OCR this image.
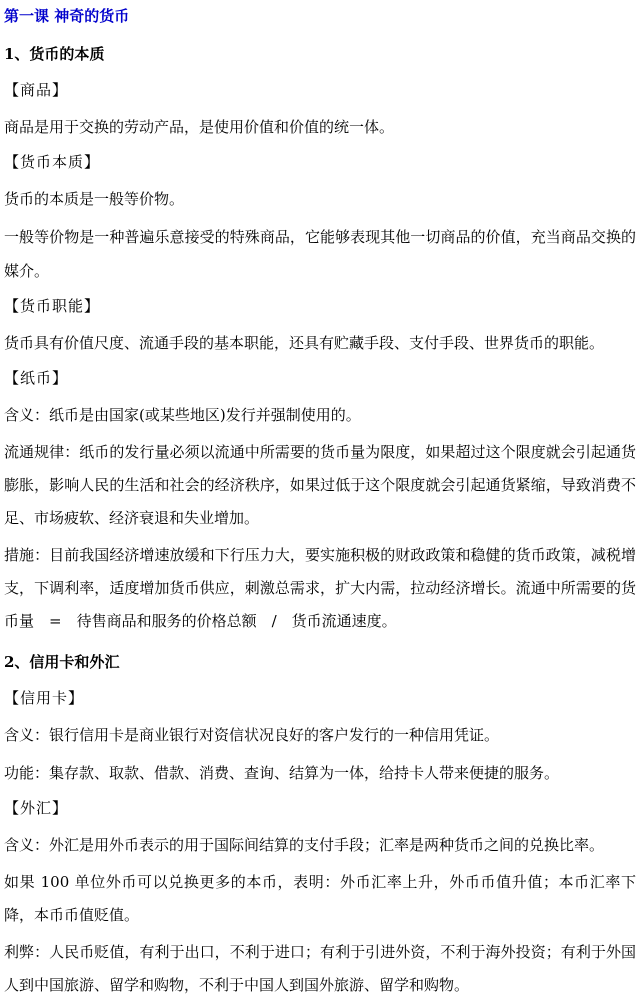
第一课 神奇的货币
1、货币的本质
【商品】
商品是用于交换的劳动产品，是使用价值和价值的统一体。
【货币本质】
货币的本质是一般等价物。
一般等价物是一种普遍乐意接受的特殊商品，它能够表现其他一切商品的价值，充当商品交换的媒介。
【货币职能】
货币具有价值尺度、流通手段的基本职能，还具有贮藏手段、支付手段、世界货币的职能。
【纸币】
含义：纸币是由国家(或某些地区)发行并强制使用的。
流通规律：纸币的发行量必须以流通中所需要的货币量为限度，如果超过这个限度就会引起通货膨胀，影响人民的生活和社会的经济秩序，如果过低于这个限度就会引起通货紧缩，导致消费不足、市场疲软、经济衰退和失业增加。
措施：目前我国经济增速放缓和下行压力大，要实施积极的财政政策和稳健的货币政策，减税增支，下调利率，适度增加货币供应，刺激总需求，扩大内需，拉动经济增长。流通中所需要的货币量　=　待售商品和服务的价格总额　/　货币流通速度。
2、信用卡和外汇
【信用卡】
含义：银行信用卡是商业银行对资信状况良好的客户发行的一种信用凭证。
功能：集存款、取款、借款、消费、查询、结算为一体，给持卡人带来便捷的服务。
【外汇】
含义：外汇是用外币表示的用于国际间结算的支付手段；汇率是两种货币之间的兑换比率。
如果 100 单位外币可以兑换更多的本币，表明：外币汇率上升，外币币值升值；本币汇率下降，本币币值贬值。
利弊：人民币贬值，有利于出口，不利于进口；有利于引进外资，不利于海外投资；有利于外国人到中国旅游、留学和购物，不利于中国人到国外旅游、留学和购物。
